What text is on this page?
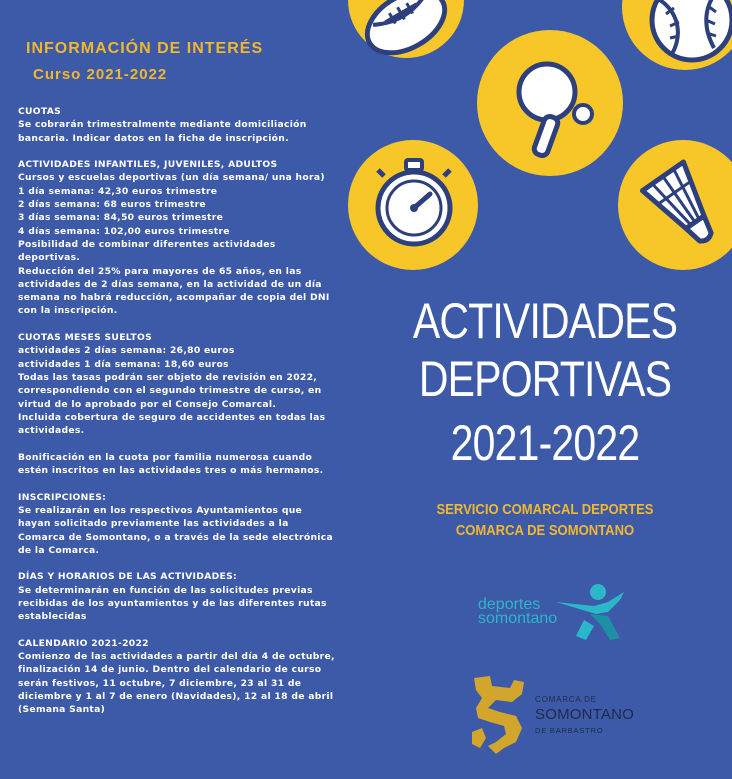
INFORMACIÓN DE INTERÉS
Curso 2021-2022
CUOTAS
Se cobrarán trimestralmente mediante domiciliación
bancaria. Indicar datos en la ficha de inscripción.
ACTIVIDADES INFANTILES, JUVENILES, ADULTOS
Cursos y escuelas deportivas (un día semana/ una hora)
1 día semana: 42,30 euros trimestre
2 días semana: 68 euros trimestre
3 días semana: 84,50 euros trimestre
4 días semana: 102,00 euros trimestre
Posibilidad de combinar diferentes actividades
deportivas.
Reducción del 25% para mayores de 65 años, en las
actividades de 2 días semana, en la actividad de un día
semana no habrá reducción, acompañar de copia del DNI
con la inscripción.
CUOTAS MESES SUELTOS
actividades 2 días semana: 26,80 euros
actividades 1 día semana: 18,60 euros
Todas las tasas podrán ser objeto de revisión en 2022,
correspondiendo con el segundo trimestre de curso, en
virtud de lo aprobado por el Consejo Comarcal.
Incluida cobertura de seguro de accidentes en todas las
actividades.
Bonificación en la cuota por familia numerosa cuando
estén inscritos en las actividades tres o más hermanos.
INSCRIPCIONES:
Se realizarán en los respectivos Ayuntamientos que
hayan solicitado previamente las actividades a la
Comarca de Somontano, o a través de la sede electrónica
de la Comarca.
DÍAS Y HORARIOS DE LAS ACTIVIDADES:
Se determinarán en función de las solicitudes previas
recibidas de los ayuntamientos y de las diferentes rutas
establecidas
CALENDARIO 2021-2022
Comienzo de las actividades a partir del día 4 de octubre,
finalización 14 de junio. Dentro del calendario de curso
serán festivos, 11 octubre, 7 diciembre, 23 al 31 de
diciembre y 1 al 7 de enero (Navidades), 12 al 18 de abril
(Semana Santa)
ACTIVIDADES
DEPORTIVAS
2021-2022
SERVICIO COMARCAL DEPORTES
COMARCA DE SOMONTANO
deportes
somontano
COMARCA DE
SOMONTANO
DE BARBASTRO
